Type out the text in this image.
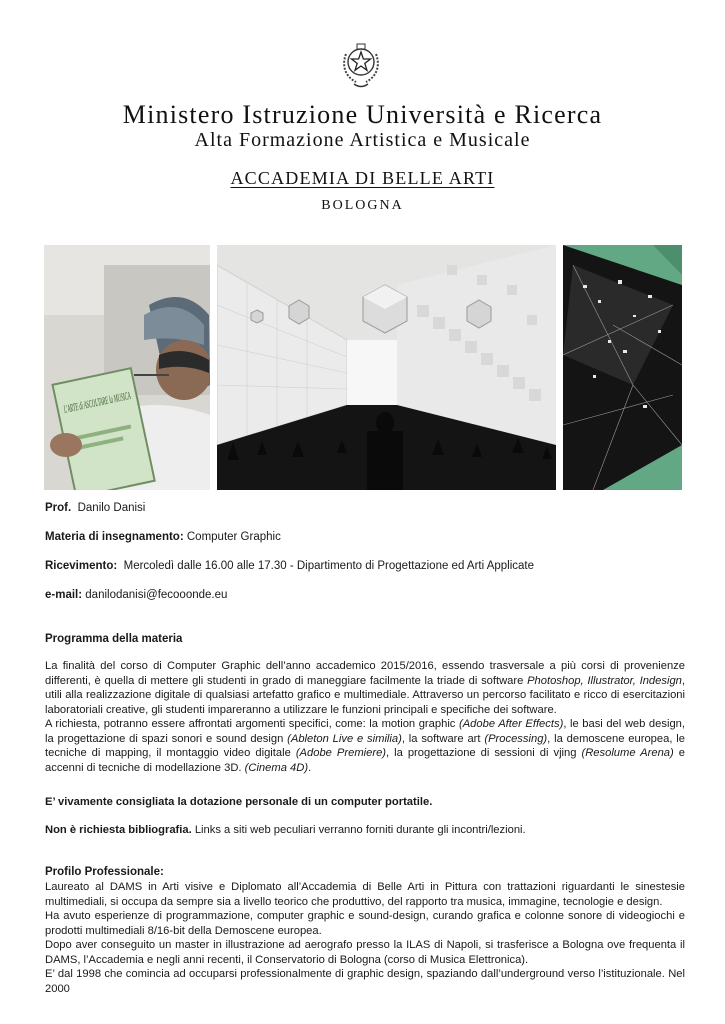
Ministero Istruzione Università e Ricerca
Alta Formazione Artistica e Musicale
ACCADEMIA DI BELLE ARTI
BOLOGNA
Prof. Danilo Danisi
Materia di insegnamento: Computer Graphic
Ricevimento: Mercoledì dalle 16.00 alle 17.30 - Dipartimento di Progettazione ed Arti Applicate
e-mail: danilodanisi@fecooonde.eu
Programma della materia
La finalità del corso di Computer Graphic dell’anno accademico 2015/2016, essendo trasversale a più corsi di provenienze differenti, è quella di mettere gli studenti in grado di maneggiare facilmente la triade di software Photoshop, Illustrator, Indesign, utili alla realizzazione digitale di qualsiasi artefatto grafico e multimediale. Attraverso un percorso facilitato e ricco di esercitazioni laboratoriali creative, gli studenti impareranno a utilizzare le funzioni principali e specifiche dei software.
A richiesta, potranno essere affrontati argomenti specifici, come: la motion graphic (Adobe After Effects), le basi del web design, la progettazione di spazi sonori e sound design (Ableton Live e similia), la software art (Processing), la demoscene europea, le tecniche di mapping, il montaggio video digitale (Adobe Premiere), la progettazione di sessioni di vjing (Resolume Arena) e accenni di tecniche di modellazione 3D. (Cinema 4D).
E’ vivamente consigliata la dotazione personale di un computer portatile.
Non è richiesta bibliografia. Links a siti web peculiari verranno forniti durante gli incontri/lezioni.
Profilo Professionale:

Laureato al DAMS in Arti visive e Diplomato all’Accademia di Belle Arti in Pittura con trattazioni riguardanti le sinestesie multimediali, si occupa da sempre sia a livello teorico che produttivo, del rapporto tra musica, immagine, tecnologie e design.

Ha avuto esperienze di programmazione, computer graphic e sound-design, curando grafica e colonne sonore di videogiochi e prodotti multimediali 8/16-bit della Demoscene europea.

Dopo aver conseguito un master in illustrazione ad aerografo presso la ILAS di Napoli, si trasferisce a Bologna ove frequenta il DAMS, l’Accademia e negli anni recenti, il Conservatorio di Bologna (corso di Musica Elettronica).

E’ dal 1998 che comincia ad occuparsi professionalmente di graphic design, spaziando dall’underground verso l’istituzionale. Nel 2000
